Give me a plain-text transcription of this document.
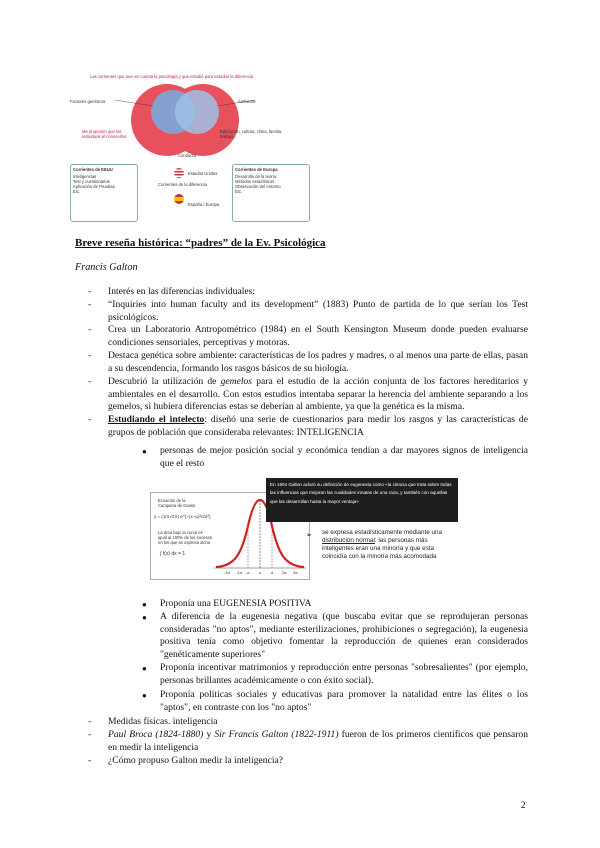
Las corrientes que tuvo en cuenta la psicología y que estudió para estudiar la diferencia
Factores genéticos	Ambiente
Me proponen que los individuos al conocerlos
Educación, cultura, clima, familia, trabajo...
Conducta
Corrientes de EEUU
Inteligencias
Test y cuestionarios
Aplicación de Pruebas
Etc.
Corrientes de la diferencia
Estados Unidos
España / Europa
Corrientes de Europa
Desarrollo de la teoría
Métodos estadísticos
Observación del entorno
Etc.
Breve reseña histórica: “padres” de la Ev. Psicológica
Francis Galton
- Interés en las diferencias individuales:
- “Inquiries into human faculty and its development” (1883) Punto de partida de lo que serían los Test psicológicos.
- Crea un Laboratorio Antropométrico (1984) en el South Kensington Museum donde pueden evaluarse condiciones sensoriales, perceptivas y motoras.
- Destaca genética sobre ambiente: características de los padres y madres, o al menos una parte de ellas, pasan a su descendencia, formando los rasgos básicos de su biología.
- Descubrió la utilización de gemelos para el estudio de la acción conjunta de los factores hereditarios y ambientales en el desarrollo. Con estos estudios intentaba separar la herencia del ambiente separando a los gemelos, si hubiera diferencias estas se deberían al ambiente, ya que la genética es la misma.
- Estudiando el intelecto: diseñó una serie de cuestionarios para medir los rasgos y las características de grupos de población que consideraba relevantes: INTELIGENCIA
● personas de mejor posición social y económica tendían a dar mayores signos de inteligencia que el resto
Ecuación de la
Campana de Gauss
y = (1/σ√2π) e^(−(x−μ)²/2σ²)
La área bajo la curva es
igual al 100% de los sucesos
en los que se expresa dicha
∫ f(x) dx = 1
-3σ -2σ -σ	μ	σ 2σ 3σ
En 1904 Galton aclaró su definición de eugenesia como «la ciencia que trata sobre todas las influencias que mejoran las cualidades innatas de una raza, y también con aquellas que las desarrollan hasta la mayor ventaja»
➢ se expresa estadísticamente mediante una distribución normal: las personas más inteligentes eran una minoría y que esta coincidía con la minoría más acomodada
● Proponía una EUGENESIA POSITIVA
● A diferencia de la eugenesia negativa (que buscaba evitar que se reprodujeran personas consideradas "no aptos", mediante esterilizaciones, prohibiciones o segregación), la eugenesia positiva tenía como objetivo fomentar la reproducción de quienes eran considerados "genéticamente superiores"
● Proponía incentivar matrimonios y reproducción entre personas "sobresalientes" (por ejemplo, personas brillantes académicamente o con éxito social).
● Proponía políticas sociales y educativas para promover la natalidad entre las élites o los "aptos", en contraste con los "no aptos"
- Medidas físicas. inteligencia
- Paul Broca (1824-1880) y Sir Francis Galton (1822-1911) fueron de los primeros científicos que pensaron en medir la inteligencia
- ¿Cómo propuso Galton medir la inteligencia?
2
